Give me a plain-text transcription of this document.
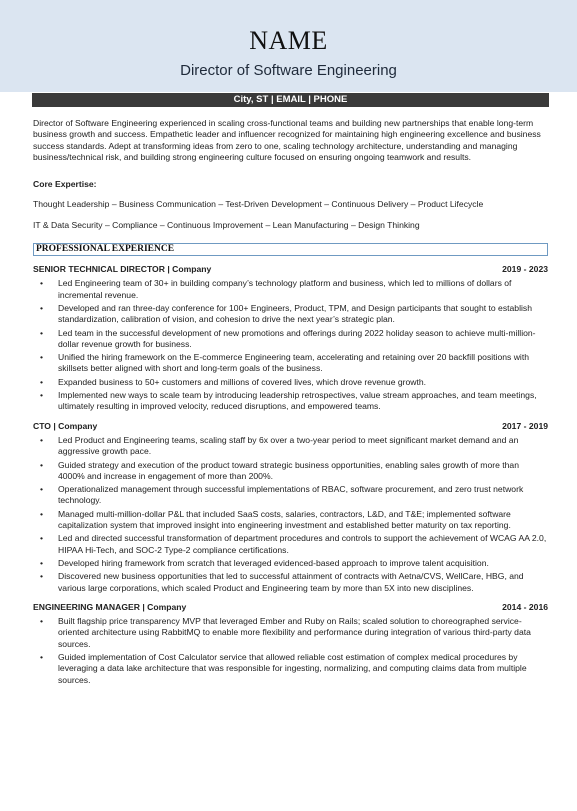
NAME
Director of Software Engineering
City, ST | EMAIL | PHONE

Director of Software Engineering experienced in scaling cross-functional teams and building new partnerships that enable long-term business growth and success. Empathetic leader and influencer recognized for maintaining high engineering excellence and business success standards. Adept at transforming ideas from zero to one, scaling technology architecture, understanding and managing business/technical risk, and building strong engineering culture focused on ensuring ongoing teamwork and results.

Core Expertise:
Thought Leadership – Business Communication – Test-Driven Development – Continuous Delivery – Product Lifecycle
IT & Data Security – Compliance – Continuous Improvement – Lean Manufacturing – Design Thinking
PROFESSIONAL EXPERIENCE
SENIOR TECHNICAL DIRECTOR | Company	2019 - 2023
• Led Engineering team of 30+ in building company’s technology platform and business, which led to millions of dollars of incremental revenue.
• Developed and ran three-day conference for 100+ Engineers, Product, TPM, and Design participants that sought to establish standardization, calibration of vision, and cohesion to drive the next year’s strategic plan.
• Led team in the successful development of new promotions and offerings during 2022 holiday season to achieve multi-million-dollar revenue growth for business.
• Unified the hiring framework on the E-commerce Engineering team, accelerating and retaining over 20 backfill positions with skillsets better aligned with short and long-term goals of the business.
• Expanded business to 50+ customers and millions of covered lives, which drove revenue growth.
• Implemented new ways to scale team by introducing leadership retrospectives, value stream approaches, and team meetings, ultimately resulting in improved velocity, reduced disruptions, and empowered teams.
CTO | Company	2017 - 2019
• Led Product and Engineering teams, scaling staff by 6x over a two-year period to meet significant market demand and an aggressive growth pace.
• Guided strategy and execution of the product toward strategic business opportunities, enabling sales growth of more than 4000% and increase in engagement of more than 200%.
• Operationalized management through successful implementations of RBAC, software procurement, and zero trust network technology.
• Managed multi-million-dollar P&L that included SaaS costs, salaries, contractors, L&D, and T&E; implemented software capitalization system that improved insight into engineering investment and established better maturity on tax reporting.
• Led and directed successful transformation of department procedures and controls to support the achievement of WCAG AA 2.0, HIPAA Hi-Tech, and SOC-2 Type-2 compliance certifications.
• Developed hiring framework from scratch that leveraged evidenced-based approach to improve talent acquisition.
• Discovered new business opportunities that led to successful attainment of contracts with Aetna/CVS, WellCare, HBG, and various large corporations, which scaled Product and Engineering team by more than 5X into new disciplines.
ENGINEERING MANAGER | Company	2014 - 2016
• Built flagship price transparency MVP that leveraged Ember and Ruby on Rails; scaled solution to choreographed service-oriented architecture using RabbitMQ to enable more flexibility and performance during integration of various third-party data sources.
• Guided implementation of Cost Calculator service that allowed reliable cost estimation of complex medical procedures by leveraging a data lake architecture that was responsible for ingesting, normalizing, and computing claims data from multiple sources.
